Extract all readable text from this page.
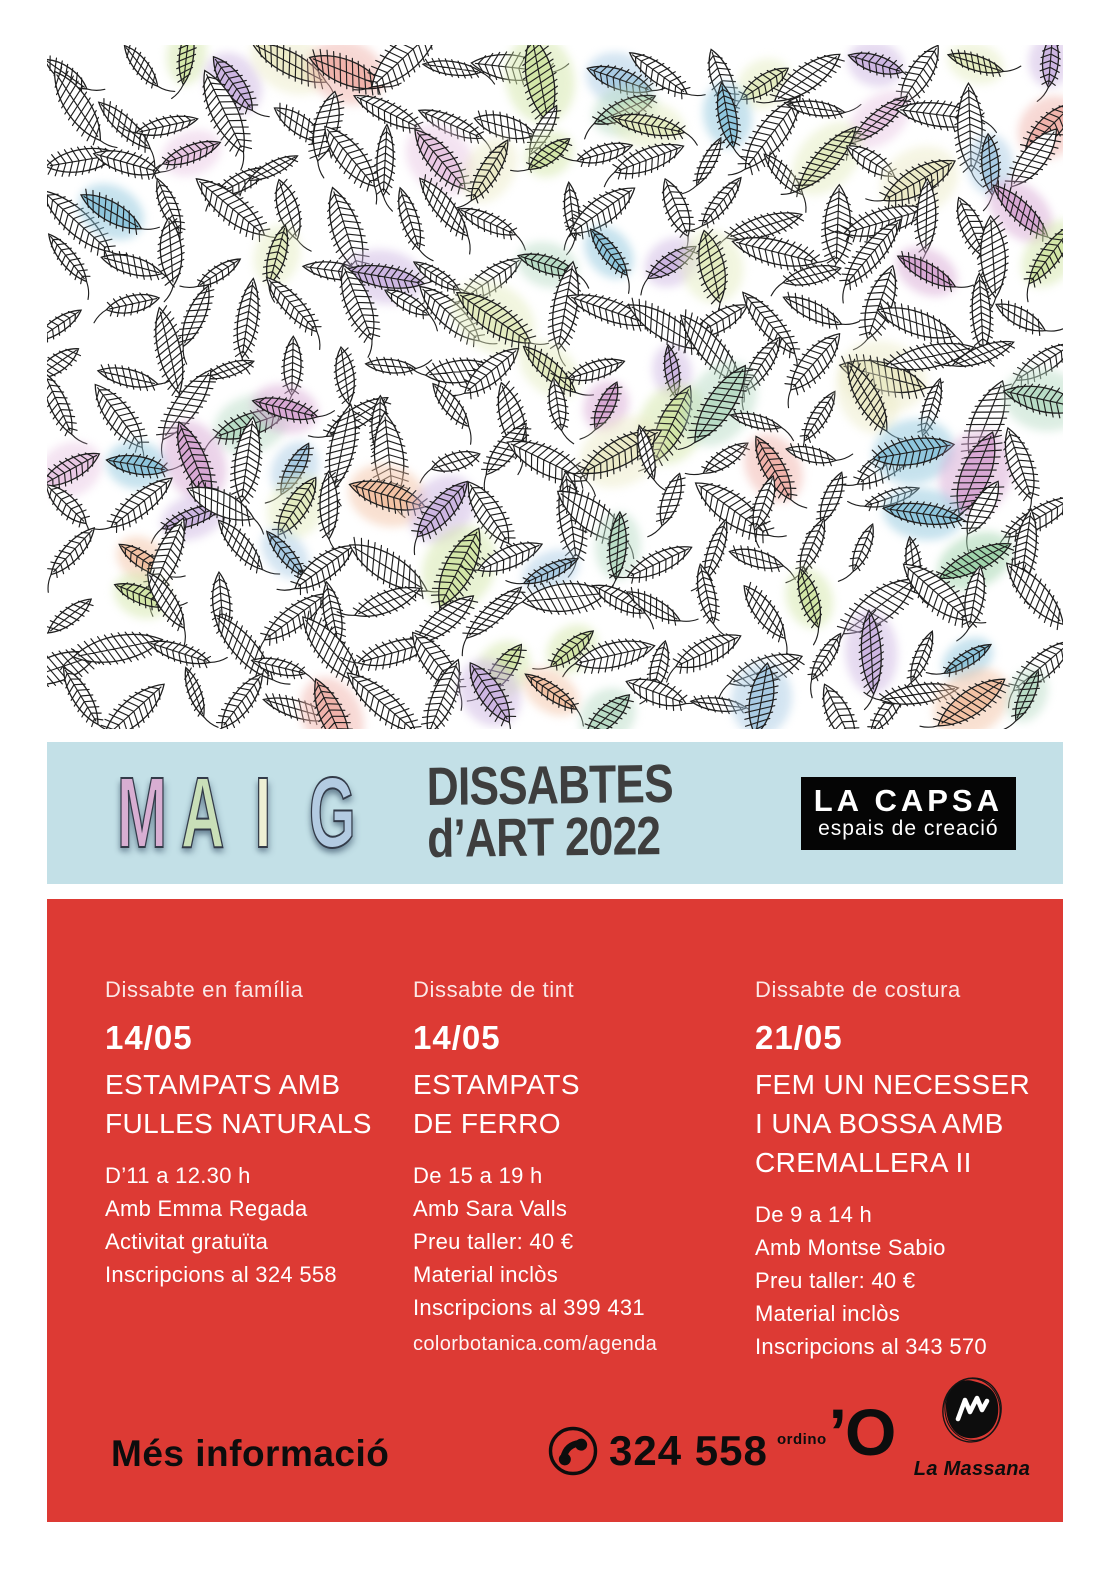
M A I G DISSABTES
d’ART 2022
LA CAPSA
espais de creació
Dissabte en família
14/05
ESTAMPATS AMB
FULLES NATURALS
D’11 a 12.30 h
Amb Emma Regada
Activitat gratuïta
Inscripcions al 324 558
Dissabte de tint
14/05
ESTAMPATS
DE FERRO
De 15 a 19 h
Amb Sara Valls
Preu taller: 40 €
Material inclòs
Inscripcions al 399 431
colorbotanica.com/agenda
Dissabte de costura
21/05
FEM UN NECESSER
I UNA BOSSA AMB
CREMALLERA II
De 9 a 14 h
Amb Montse Sabio
Preu taller: 40 €
Material inclòs
Inscripcions al 343 570
Més informació	324 558 ordino ’O La Massana
